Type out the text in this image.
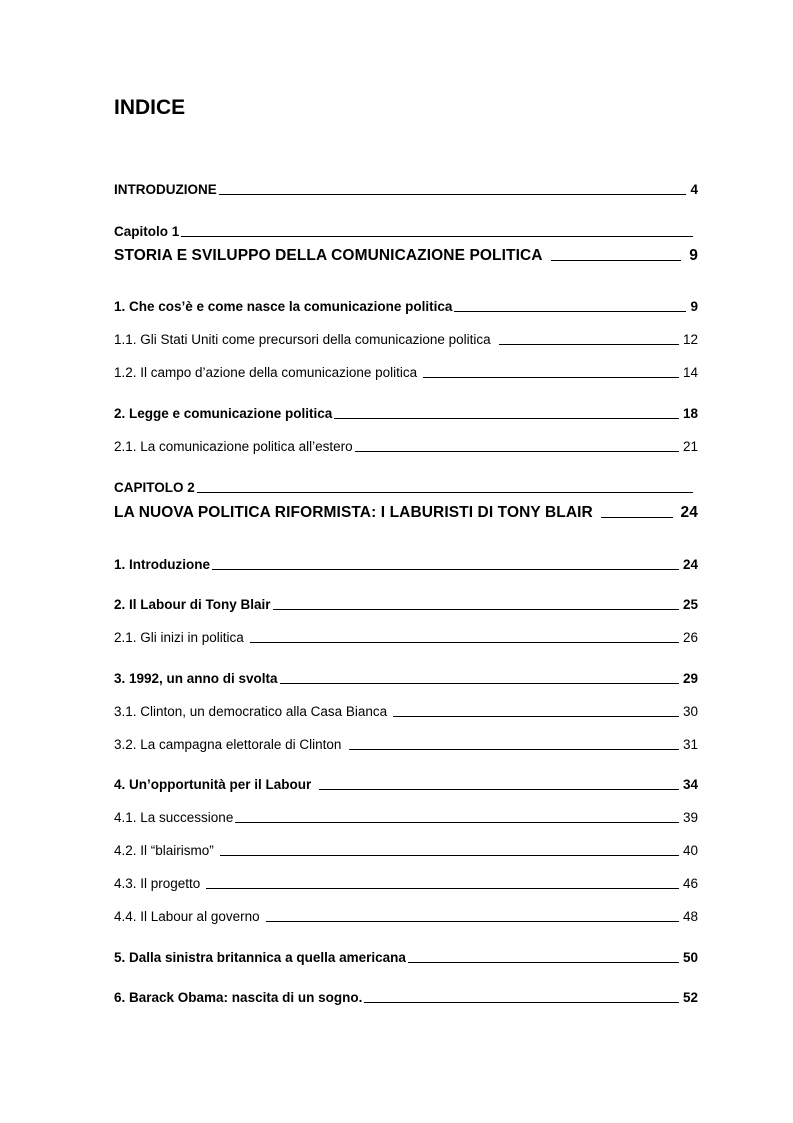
INDICE
INTRODUZIONE	4
Capitolo 1
STORIA E SVILUPPO DELLA COMUNICAZIONE POLITICA	9
1. Che cos’è e come nasce la comunicazione politica	9
1.1. Gli Stati Uniti come precursori della comunicazione politica	12
1.2. Il campo d’azione della comunicazione politica	14
2. Legge e comunicazione politica	18
2.1. La comunicazione politica all’estero	21
CAPITOLO 2
LA NUOVA POLITICA RIFORMISTA: I LABURISTI DI TONY BLAIR	24
1. Introduzione	24
2. Il Labour di Tony Blair	25
2.1. Gli inizi in politica	26
3. 1992, un anno di svolta	29
3.1. Clinton, un democratico alla Casa Bianca	30
3.2. La campagna elettorale di Clinton	31
4. Un’opportunità per il Labour	34
4.1. La successione	39
4.2. Il “blairismo”	40
4.3. Il progetto	46
4.4. Il Labour al governo	48
5. Dalla sinistra britannica a quella americana	50
6. Barack Obama: nascita di un sogno.	52
